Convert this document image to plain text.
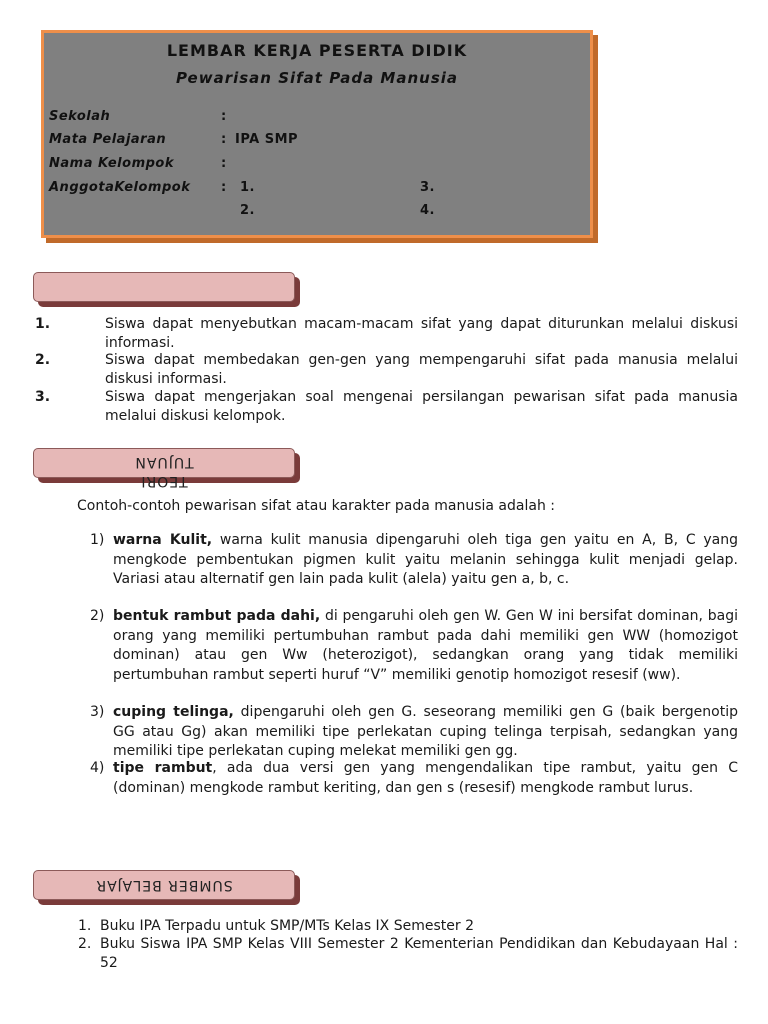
LEMBAR KERJA PESERTA DIDIK
Pewarisan Sifat Pada Manusia
Sekolah	:
Mata Pelajaran	: IPA SMP
Nama Kelompok	:
AnggotaKelompok :	1.	3.
2.	4.
1.	Siswa dapat menyebutkan macam-macam sifat yang dapat diturunkan melalui diskusi informasi.
2.	Siswa dapat membedakan gen-gen yang mempengaruhi sifat pada manusia melalui diskusi informasi.
3.	Siswa dapat mengerjakan soal mengenai persilangan pewarisan sifat pada manusia melalui diskusi kelompok.
TUJUAN
TEORI
Contoh-contoh pewarisan sifat atau karakter pada manusia adalah :
1) warna Kulit, warna kulit manusia dipengaruhi oleh tiga gen yaitu en A, B, C yang mengkode pembentukan pigmen kulit yaitu melanin sehingga kulit menjadi gelap. Variasi atau alternatif gen lain pada kulit (alela) yaitu gen a, b, c.
2) bentuk rambut pada dahi, di pengaruhi oleh gen W. Gen W ini bersifat dominan, bagi orang yang memiliki pertumbuhan rambut pada dahi memiliki gen WW (homozigot dominan) atau gen Ww (heterozigot), sedangkan orang yang tidak memiliki pertumbuhan rambut seperti huruf “V” memiliki genotip homozigot resesif (ww).
3) cuping telinga, dipengaruhi oleh gen G. seseorang memiliki gen G (baik bergenotip GG atau Gg) akan memiliki tipe perlekatan cuping telinga terpisah, sedangkan yang memiliki tipe perlekatan cuping melekat memiliki gen gg.
4) tipe rambut, ada dua versi gen yang mengendalikan tipe rambut, yaitu gen C (dominan) mengkode rambut keriting, dan gen s (resesif) mengkode rambut lurus.
SUMBER BELAJAR
1. Buku IPA Terpadu untuk SMP/MTs Kelas IX Semester 2
2. Buku Siswa IPA SMP Kelas VIII Semester 2 Kementerian Pendidikan dan Kebudayaan Hal : 52
